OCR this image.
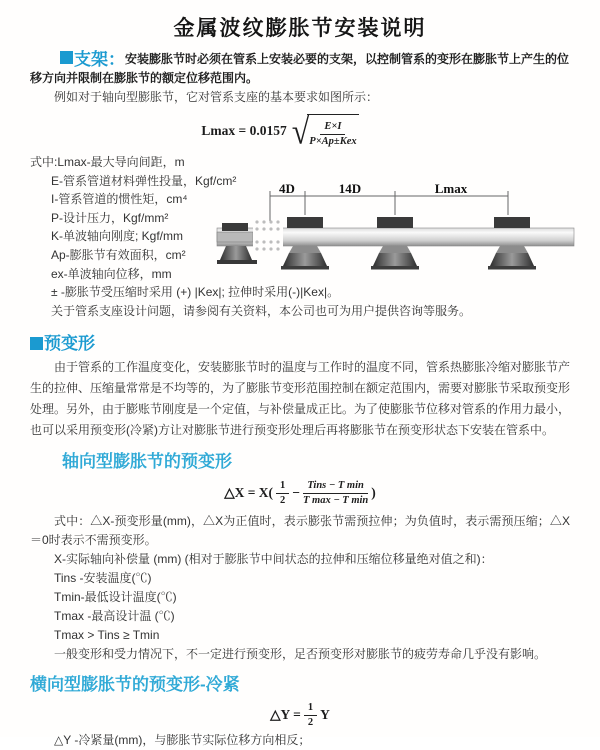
金属波纹膨胀节安装说明

支架：安装膨胀节时必须在管系上安装必要的支架，以控制管系的变形在膨胀节上产生的位移方向并限制在膨胀节的额定位移范围内。

例如对于轴向型膨胀节，它对管系支座的基本要求如图所示：

Lmax = 0.0157 √ $\frac{E\times I}{\text{P×Ap±Kex}}$
式中:Lmax-最大导向间距，m
E-管系管道材料弹性投量，Kgf/cm²
I-管系管道的惯性矩，cm⁴
P-设计压力，Kgf/mm²
K-单波轴向刚度; Kgf/mm
Ap-膨胀节有效面积，cm²
ex-单波轴向位移，mm
± -膨胀节受压缩时采用 (+) |Kex|; 拉伸时采用(-)|Kex|。
关于管系支座设计问题，请参阅有关资料，本公司也可为用户提供咨询等服务。
4D	14D	Lmax
预变形

由于管系的工作温度变化，安装膨胀节时的温度与工作时的温度不同，管系热膨胀冷缩对膨胀节产生的拉伸、压缩量常常是不均等的，为了膨胀节变形范围控制在额定范围内，需要对膨胀节采取预变形处理。另外，由于膨账节刚度是一个定值，与补偿量成正比。为了使膨胀节位移对管系的作用力最小，也可以采用预变形(冷紧)方让对膨胀节进行预变形处理后再将膨胀节在预变形状态下安装在管系中。

轴向型膨胀节的预变形
△X = $X( \frac{1}{2} - \frac{\text{Tins − T min}}{\text{T max − T min}}$ )

式中：△X-预变形量(mm)，△X为正值时，表示膨张节需预拉伸；为负值时，表示需预压缩；△X＝0时表示不需预变形。

X-实际轴向补偿量 (mm) (相对于膨胀节中间状态的拉伸和压缩位移量绝对值之和)：

Tins -安装温度(℃)

Tmin-最低设计温度(℃)

Tmax -最高设计温 (℃)

Tmax > Tins ≥ Tmin

一般变形和受力情况下，不一定进行预变形，足否预变形对膨胀节的疲劳寿命几乎没有影响。

横向型膨胀节的预变形-冷紧
△Y = $\frac{1}{2}$ Y

△Y -冷紧量(mm)，与膨胀节实际位移方向相反；
